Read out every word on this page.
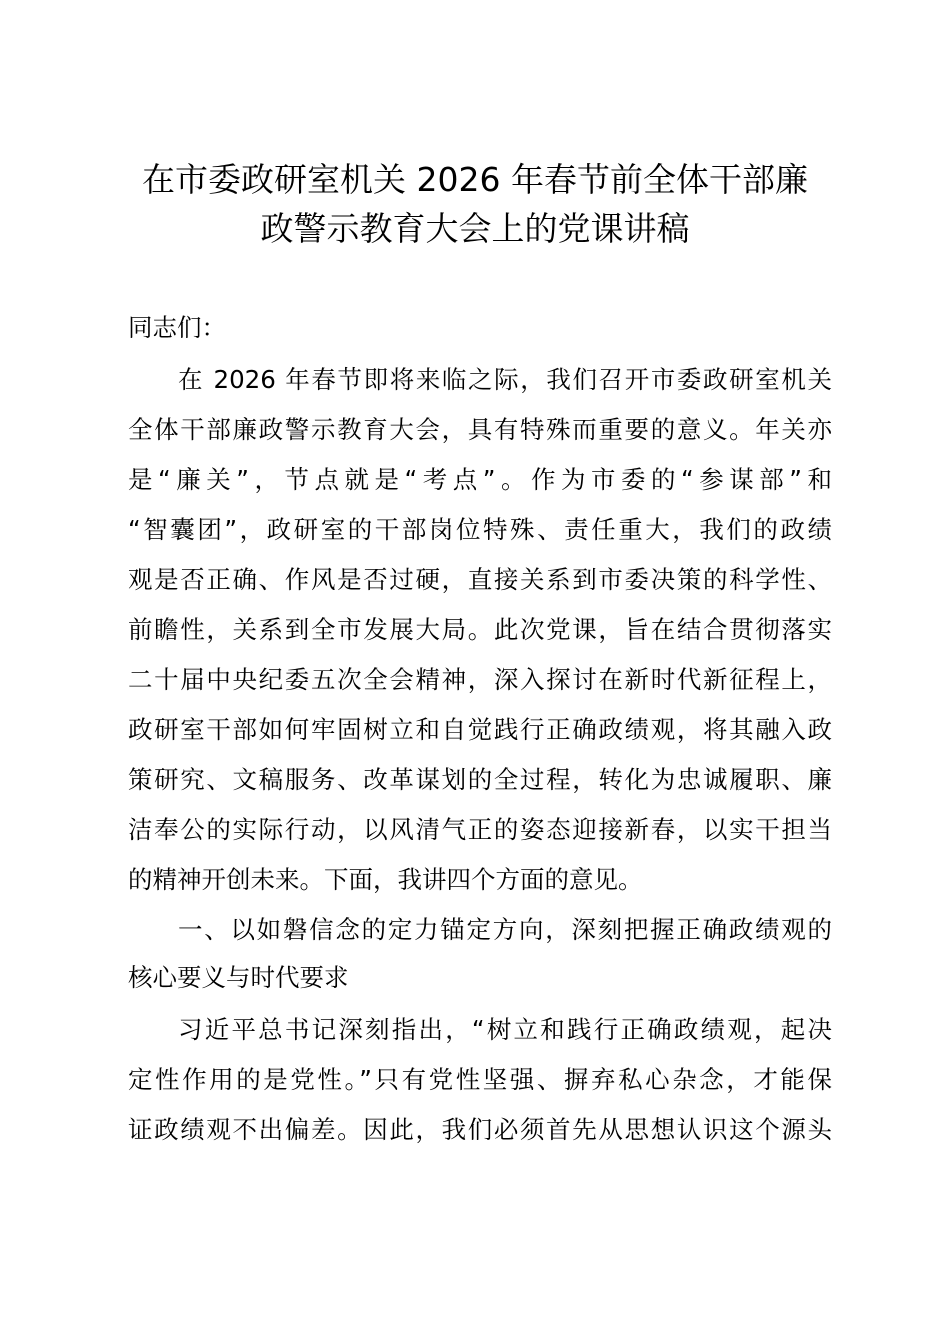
在市委政研室机关 2026 年春节前全体干部廉
政警示教育大会上的党课讲稿
同志们：
在 2026 年春节即将来临之际，我们召开市委政研室机关
全体干部廉政警示教育大会，具有特殊而重要的意义。年关亦
是“廉关”，节点就是“考点”。作为市委的“参谋部”和
“智囊团”，政研室的干部岗位特殊、责任重大，我们的政绩
观是否正确、作风是否过硬，直接关系到市委决策的科学性、
前瞻性，关系到全市发展大局。此次党课，旨在结合贯彻落实
二十届中央纪委五次全会精神，深入探讨在新时代新征程上，
政研室干部如何牢固树立和自觉践行正确政绩观，将其融入政
策研究、文稿服务、改革谋划的全过程，转化为忠诚履职、廉
洁奉公的实际行动，以风清气正的姿态迎接新春，以实干担当
的精神开创未来。下面，我讲四个方面的意见。
一、以如磐信念的定力锚定方向，深刻把握正确政绩观的
核心要义与时代要求
习近平总书记深刻指出，“树立和践行正确政绩观，起决
定性作用的是党性。”只有党性坚强、摒弃私心杂念，才能保
证政绩观不出偏差。因此，我们必须首先从思想认识这个源头
